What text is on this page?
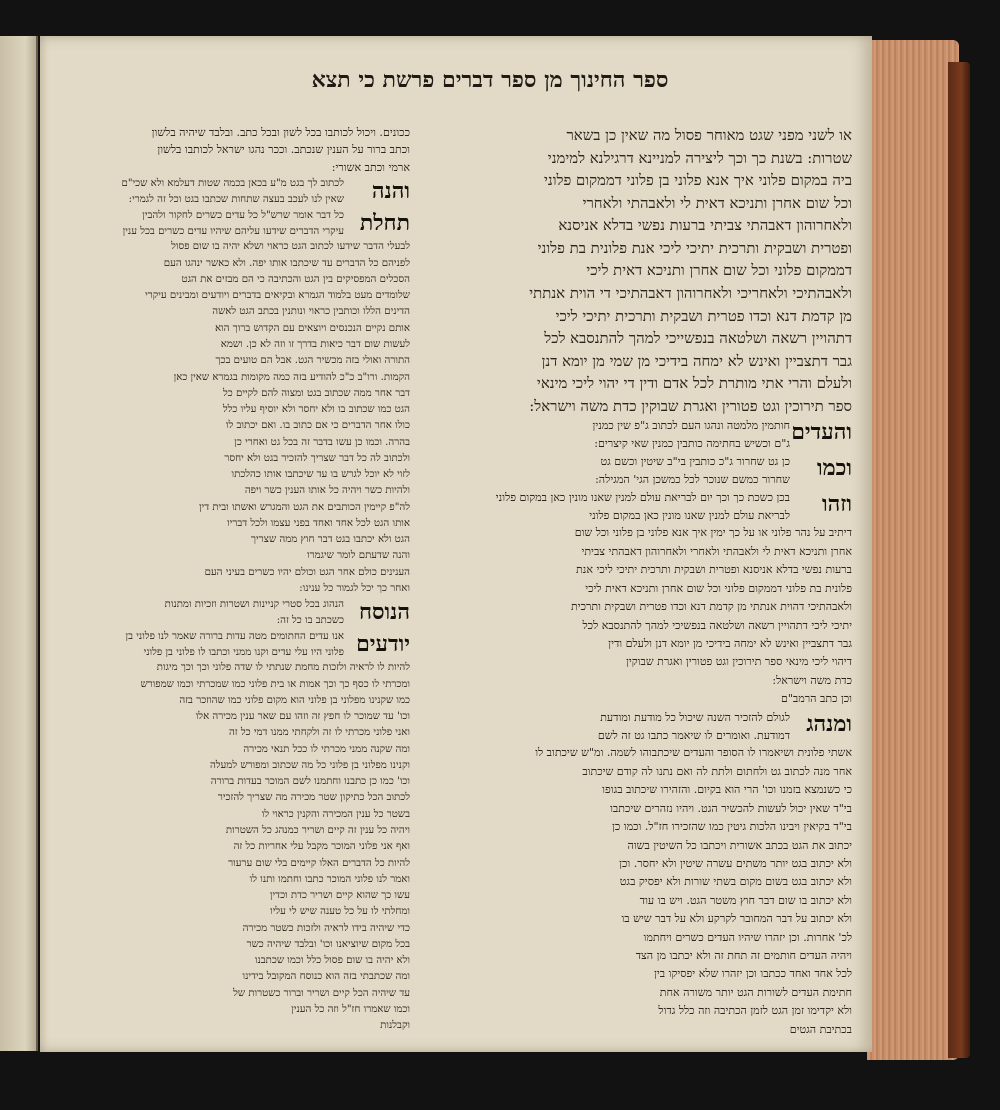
ספר החינוך מן ספר דברים פרשת כי תצא
או לשני מפני שגט מאוחר פסול מה שאין כן בשאר
שטרות: בשנת כך וכך ליצירה למניינא דרגילנא למימני
ביה במקום פלוני איך אנא פלוני בן פלוני דממקום פלוני
וכל שום אחרן ותניכא דאית לי ולאבהתי ולאחרי
ולאחרוהון דאבהתי צביתי ברעות נפשי בדלא אניסנא
ופטרית ושבקית ותרכית יתיכי ליכי אנת פלונית בת פלוני
דממקום פלוני וכל שום אחרן ותניכא דאית ליכי
ולאבהתיכי ולאחריכי ולאחרוהון דאבהתיכי די הוית אנתתי
מן קדמת דנא וכדו פטרית ושבקית ותרכית יתיכי ליכי
דתהויין רשאה ושלטאה בנפשייכי למהך להתנסבא לכל
גבר דתצביין ואינש לא ימחה בידיכי מן שמי מן יומא דנן
ולעלם והרי אתי מותרת לכל אדם ודין די יהוי ליכי מינאי
ספר תירוכין וגט פטורין ואגרת שבוקין כדת משה וישראל:
והעדים
חותמין מלמטה ונהגו העם לכתוב ג"פ שין כמנין
ג"ם וכשיש בחתימה כותבין כמנין שאי קיצרים:
וכמו
כן גט שחרור ג"כ כותבין בי"ב שיטין וכשם גט
שחרור כמשם שנוכר לכל כמשכן הגי' המגילה:
וזהו
בכן כשכת כך וכך יום לבריאת עולם למנין שאנו מונין כאן במקום פלוני
לבריאת עולם למנין שאנו מונין כאן במקום פלוני
דיתיב על נהר פלוני או על כך ימין איך אנא פלוני בן פלוני וכל שום
אחרן ותניכא דאית לי ולאבהתי ולאחרי ולאחרוהון דאבהתי צביתי
ברעות נפשי בדלא אניסנא ופטרית ושבקית ותרכית יתיכי ליכי אנת
פלונית בת פלוני דממקום פלוני וכל שום אחרן ותניכא דאית ליכי
ולאבהתיכי דהוית אנתתי מן קדמת דנא וכדו פטרית ושבקית ותרכית
יתיכי ליכי דתהויין רשאה ושלטאה בנפשיכי למהך להתנסבא לכל
גבר דתצביין ואינש לא ימחה בידיכי מן יומא דנן ולעלם ודין
דיהוי ליכי מינאי ספר תירוכין וגט פטורין ואגרת שבוקין
כדת משה וישראל:
וכן כתב הרמב"ם
ומנהג
לגולם להזכיר השנה שיכול כל מודעת ומודעת
דמודעת. ואומרים לו שיאמר כתבו גט זה לשם
אשתי פלונית ושיאמרו לו הסופר והעדים שיכתבוהו לשמה. ומ"ש שיכתוב לו
אחר מנה לכתוב גט ולחתום ולתת לה ואם נתנו לה קודם שיכתוב
כי כשנמצא בזמנו וכו' הרי הוא בקיום. והזהירו שיכתוב בגופו
בי"ד שאין יכול לעשות להכשיר הגט. ויהיו נזהרים שיכתבו
בי"ד בקיאין ויבינו הלכות גיטין כמו שהזכירו חז"ל. וכמו כן
יכתוב את הגט בכתב אשורית ויכתבו כל השיטין בשוה
ולא יכתוב בגט יותר משתים עשרה שיטין ולא יחסר. וכן
ולא יכתוב בגט בשום מקום בשתי שורות ולא יפסיק בגט
ולא יכתוב בו שום דבר חוץ משטר הגט. ויש בו עוד
ולא יכתוב על דבר המחובר לקרקע ולא על דבר שיש בו
לכ' אחרות. וכן יזהרו שיהיו העדים כשרים ויחתמו
ויהיה העדים חותמים זה תחת זה ולא יכתבו מן הצד
לכל אחד ואחד ככתבו וכן יזהרו שלא יפסיקו בין
חתימת העדים לשורות הגט יותר משורה אחת
ולא יקדימו זמן הגט לזמן הכתיבה וזה כלל גדול
בכתיבת הגטים
ככונים. ויכול לכותבו בכל לשון ובכל כתב. ובלבד שיהיה בלשון
וכתב ברור על הענין שנכתב. וככר נהגו ישראל לכותבו בלשון
ארמי וכתב אשורי:
והנה
לכתוב לך בגט מ"ע בכאן בכמה שטות דעלמא ולא שכי"ם
שאין לנו לעכב בעצה שתחות שכתבו בגט וכל זה לגמרי:
תחלת
כל דבר אומר שרש"ל כל עדים כשרים לחקור ולהבין
עיקרי הדברים שידעו עליהם שיהיו עדים כשרים בכל ענין
לבעלי הדבר שידעו לכתוב הגט כראוי ושלא יהיה בו שום פסול
לפניהם כל הדברים עד שיכתבו אותו יפה. ולא כאשר ינהגו העם
הסכלים המפסיקים בין הגט והכתיבה כי הם מבזים את הגט
שלומדים מעט בלמוד הגמרא ובקיאים בדברים ויודעים ומבינים עיקרי
הדינים הללו וכותבין כראוי ונותנין בכתב הגט לאשה
אותם נקיים הנכנסים ויוצאים עם הקדוש ברוך הוא
לעשות שום דבר כיאות בדרך זו וזה לא כן. ושמא
התורה ואולי בזה מכשיר הגט. אבל הם טועים בכך
הקמות. ורו"ב כ"כ להודיע בזה כמה מקומות בגמרא שאין כאן
דבר אחר ממה שכתוב בגט ומצוה להם לקיים כל
הגט כמו שכתוב בו ולא יחסר ולא יוסיף עליו כלל
כולו אחר הדברים כי אם כתוב בו. ואם יכתוב לו
בהרה. וכמו כן עשו בדבר זה בכל גט ואחרי כן
ולכתוב לה כל דבר שצריך להזכיר בגט ולא יחסר
לזוי לא יוכל לגרש בו עד שיכתבו אותו כהלכתו
ולהיות כשר ויהיה כל אותו הענין כשר ויפה
לה"פ קיימין הכותבים את הגט והמגרש ואשתו ובית דין
אותו הגט לכל אחד ואחד בפני עצמו ולכל דבריו
הגט ולא יכתבו בגט דבר חוץ ממה שצריך
והנה שדעתם לומר שיגמרו
הענינים כולם אחר הגט וכולם יהיו כשרים בעיני העם
ואחר כך יכל לגמור כל ענינו:
הנוסח
הנהוג בכל סטרי קניינות ושטרות וזכיות ומתנות
כשכתב בו כל זה:
יודעים
אנו עדים החתומים מטה עדות ברורה שאמר לנו פלוני בן
פלוני היו עלי עדים וקנו ממני וכתבו לו פלוני בן פלוני
להיות לו לראיה ולזכות מחמת שנתתי לו שדה פלוני וכך וכך מיגות
ומכרתי לו כסף כך וכך אמות או בית פלוני כמו שמכרתי וכמו שמפורש
כמו שקנינו מפלוני בן פלוני הוא מקום פלוני כמו שהוזכר בזה
וכו' עד שמוכר לו חפץ זה וזהו עם שאר ענין מכירה אלו
ואני פלוני מכרתי לו זה ולקחתי ממנו דמי כל זה
ומה שקנה ממני מכרתי לו ככל תנאי מכירה
וקנינו מפלוני בן פלוני כל מה שכתוב ומפורש למעלה
וכו' כמו כן כתבנו וחתמנו לשם המוכר בעדות ברורה
לכתוב הכל כתיקון שטר מכירה מה שצריך להזכיר
בשטר כל ענין המכירה והקנין כראוי לו
ויהיה כל ענין זה קיים ושריר כמנהג כל השטרות
ואף אני פלוני המוכר מקבל עלי אחריות כל זה
להיות כל הדברים האלו קיימים בלי שום ערעור
ואמר לנו פלוני המוכר כתבו וחתמו ותנו לו
עשו כך שהוא קיים ושריר כדת וכדין
ומחלתי לו על כל טענה שיש לי עליו
כדי שיהיה בידו לראיה ולזכות כשטר מכירה
בכל מקום שיוציאנו וכו' ובלבד שיהיה כשר
ולא יהיה בו שום פסול כלל וכמו שכתבנו
ומה שכתבתי בזה הוא כנוסח המקובל בידינו
עד שיהיה הכל קיים ושריר וברור כשטרות של
וכמו שאמרו חז"ל וזה כל הענין
וקבלנות
